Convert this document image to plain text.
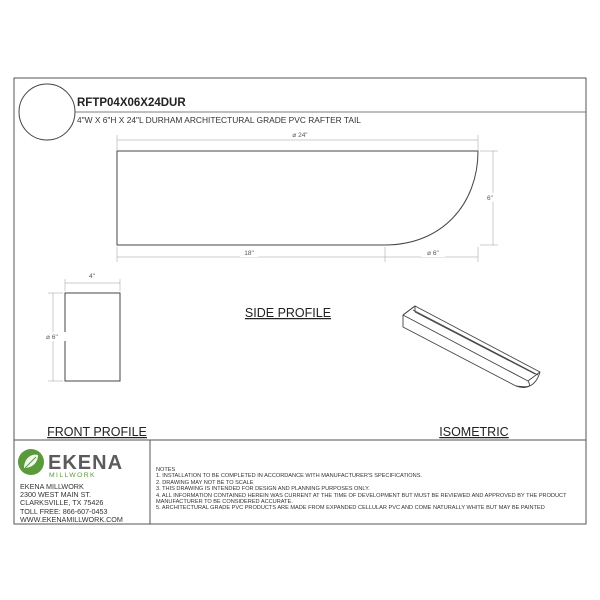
RFTP04X06X24DUR
4"W X 6"H X 24"L DURHAM ARCHITECTURAL GRADE PVC RAFTER TAIL
⌀ 24"
6"
18"	⌀ 6"
SIDE PROFILE
4"
⌀ 6"
FRONT PROFILE	ISOMETRIC
EKENA
MILLWORK
EKENA MILLWORK
2300 WEST MAIN ST.
CLARKSVILLE, TX 75426
TOLL FREE: 866-607-0453
WWW.EKENAMILLWORK.COM
NOTES
1. INSTALLATION TO BE COMPLETED IN ACCORDANCE WITH MANUFACTURER'S SPECIFICATIONS.
2. DRAWING MAY NOT BE TO SCALE
3. THIS DRAWING IS INTENDED FOR DESIGN AND PLANNING PURPOSES ONLY.
4. ALL INFORMATION CONTAINED HEREIN WAS CURRENT AT THE TIME OF DEVELOPMENT BUT MUST BE REVIEWED AND APPROVED BY THE PRODUCT MANUFACTURER TO BE CONSIDERED ACCURATE.
5. ARCHITECTURAL GRADE PVC PRODUCTS ARE MADE FROM EXPANDED CELLULAR PVC AND COME NATURALLY WHITE BUT MAY BE PAINTED
